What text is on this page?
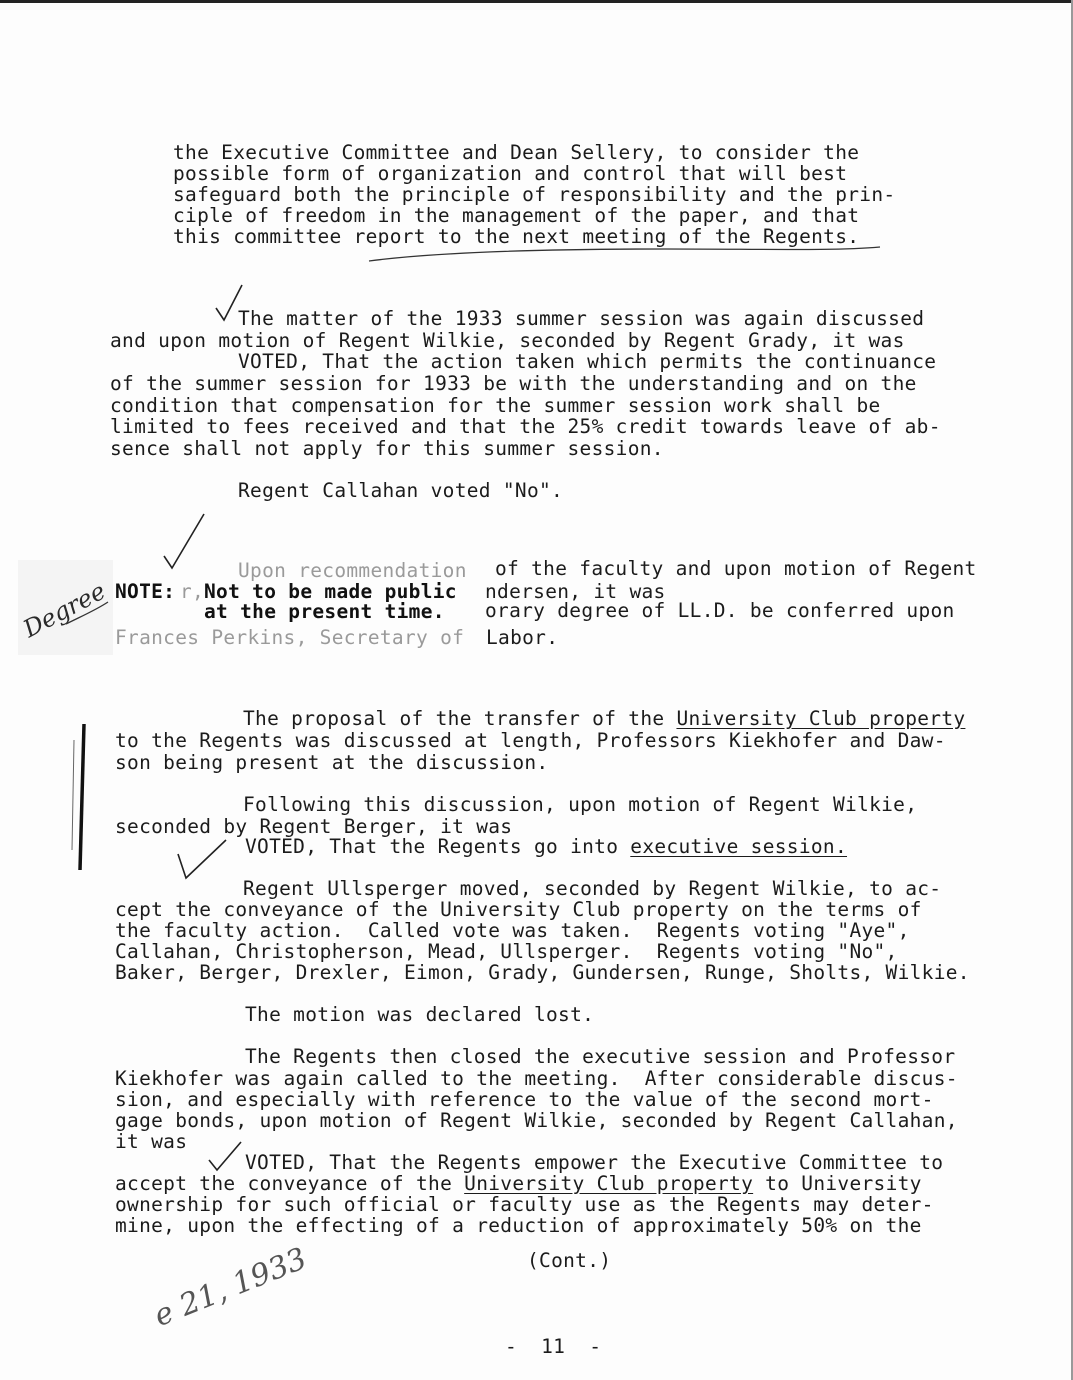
the Executive Committee and Dean Sellery, to consider the
possible form of organization and control that will best
safeguard both the principle of responsibility and the prin-
ciple of freedom in the management of the paper, and that
this committee report to the next meeting of the Regents.
The matter of the 1933 summer session was again discussed
and upon motion of Regent Wilkie, seconded by Regent Grady, it was
VOTED, That the action taken which permits the continuance
of the summer session for 1933 be with the understanding and on the
condition that compensation for the summer session work shall be
limited to fees received and that the 25% credit towards leave of ab-
sence shall not apply for this summer session.
Regent Callahan voted "No".
Upon recommendation of the faculty and upon motion of Regent
NOTE: r, Not to be made public ndersen, it was
at the present time. orary degree of LL.D. be conferred upon
Frances Perkins, Secretary of Labor.
Degree
The proposal of the transfer of the University Club property
to the Regents was discussed at length, Professors Kiekhofer and Daw-
son being present at the discussion.
Following this discussion, upon motion of Regent Wilkie,
seconded by Regent Berger, it was
VOTED, That the Regents go into executive session.
Regent Ullsperger moved, seconded by Regent Wilkie, to ac-
cept the conveyance of the University Club property on the terms of
the faculty action.  Called vote was taken.  Regents voting "Aye",
Callahan, Christopherson, Mead, Ullsperger.  Regents voting "No",
Baker, Berger, Drexler, Eimon, Grady, Gundersen, Runge, Sholts, Wilkie.
The motion was declared lost.
The Regents then closed the executive session and Professor
Kiekhofer was again called to the meeting.  After considerable discus-
sion, and especially with reference to the value of the second mort-
gage bonds, upon motion of Regent Wilkie, seconded by Regent Callahan,
it was
VOTED, That the Regents empower the Executive Committee to
accept the conveyance of the University Club property to University
ownership for such official or faculty use as the Regents may deter-
mine, upon the effecting of a reduction of approximately 50% on the
(Cont.)
e 21, 1933
-  11  -
